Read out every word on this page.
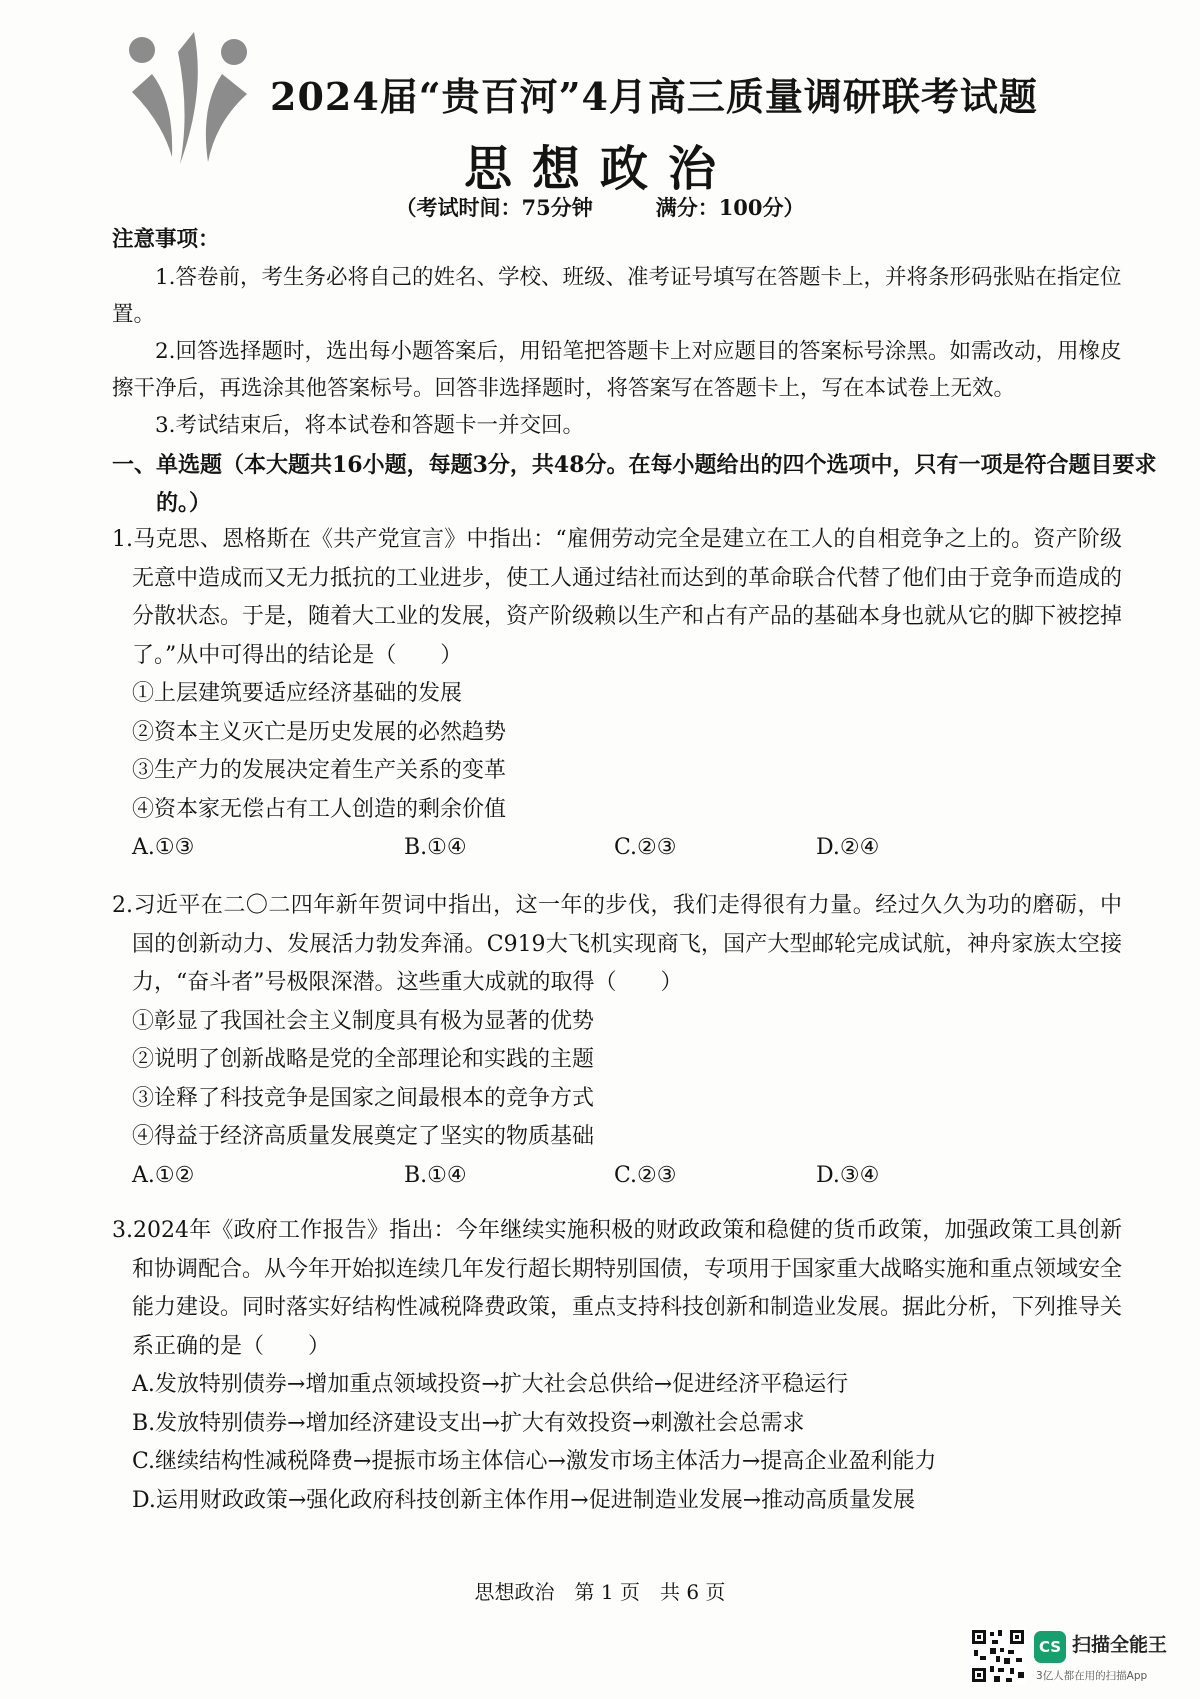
2024届“贵百河”4月高三质量调研联考试题
思想政治
（考试时间：75分钟　　　满分：100分）
注意事项：

1.答卷前，考生务必将自己的姓名、学校、班级、准考证号填写在答题卡上，并将条形码张贴在指定位置。

2.回答选择题时，选出每小题答案后，用铅笔把答题卡上对应题目的答案标号涂黑。如需改动，用橡皮擦干净后，再选涂其他答案标号。回答非选择题时，将答案写在答题卡上，写在本试卷上无效。

3.考试结束后，将本试卷和答题卡一并交回。

一、单选题（本大题共16小题，每题3分，共48分。在每小题给出的四个选项中，只有一项是符合题目要求的。）

1.马克思、恩格斯在《共产党宣言》中指出：“雇佣劳动完全是建立在工人的自相竞争之上的。资产阶级无意中造成而又无力抵抗的工业进步，使工人通过结社而达到的革命联合代替了他们由于竞争而造成的分散状态。于是，随着大工业的发展，资产阶级赖以生产和占有产品的基础本身也就从它的脚下被挖掉了。”从中可得出的结论是（　　）

①上层建筑要适应经济基础的发展

②资本主义灭亡是历史发展的必然趋势

③生产力的发展决定着生产关系的变革

④资本家无偿占有工人创造的剩余价值

A.①③	B.①④	C.②③	D.②④

2.习近平在二〇二四年新年贺词中指出，这一年的步伐，我们走得很有力量。经过久久为功的磨砺，中国的创新动力、发展活力勃发奔涌。C919大飞机实现商飞，国产大型邮轮完成试航，神舟家族太空接力，“奋斗者”号极限深潜。这些重大成就的取得（　　）

①彰显了我国社会主义制度具有极为显著的优势

②说明了创新战略是党的全部理论和实践的主题

③诠释了科技竞争是国家之间最根本的竞争方式

④得益于经济高质量发展奠定了坚实的物质基础

A.①②	B.①④	C.②③	D.③④

3.2024年《政府工作报告》指出：今年继续实施积极的财政政策和稳健的货币政策，加强政策工具创新和协调配合。从今年开始拟连续几年发行超长期特别国债，专项用于国家重大战略实施和重点领域安全能力建设。同时落实好结构性减税降费政策，重点支持科技创新和制造业发展。据此分析，下列推导关系正确的是（　　）

A.发放特别债券→增加重点领域投资→扩大社会总供给→促进经济平稳运行

B.发放特别债券→增加经济建设支出→扩大有效投资→刺激社会总需求

C.继续结构性减税降费→提振市场主体信心→激发市场主体活力→提高企业盈利能力

D.运用财政政策→强化政府科技创新主体作用→促进制造业发展→推动高质量发展

思想政治　第 1 页　共 6 页
CS 扫描全能王
3亿人都在用的扫描App
